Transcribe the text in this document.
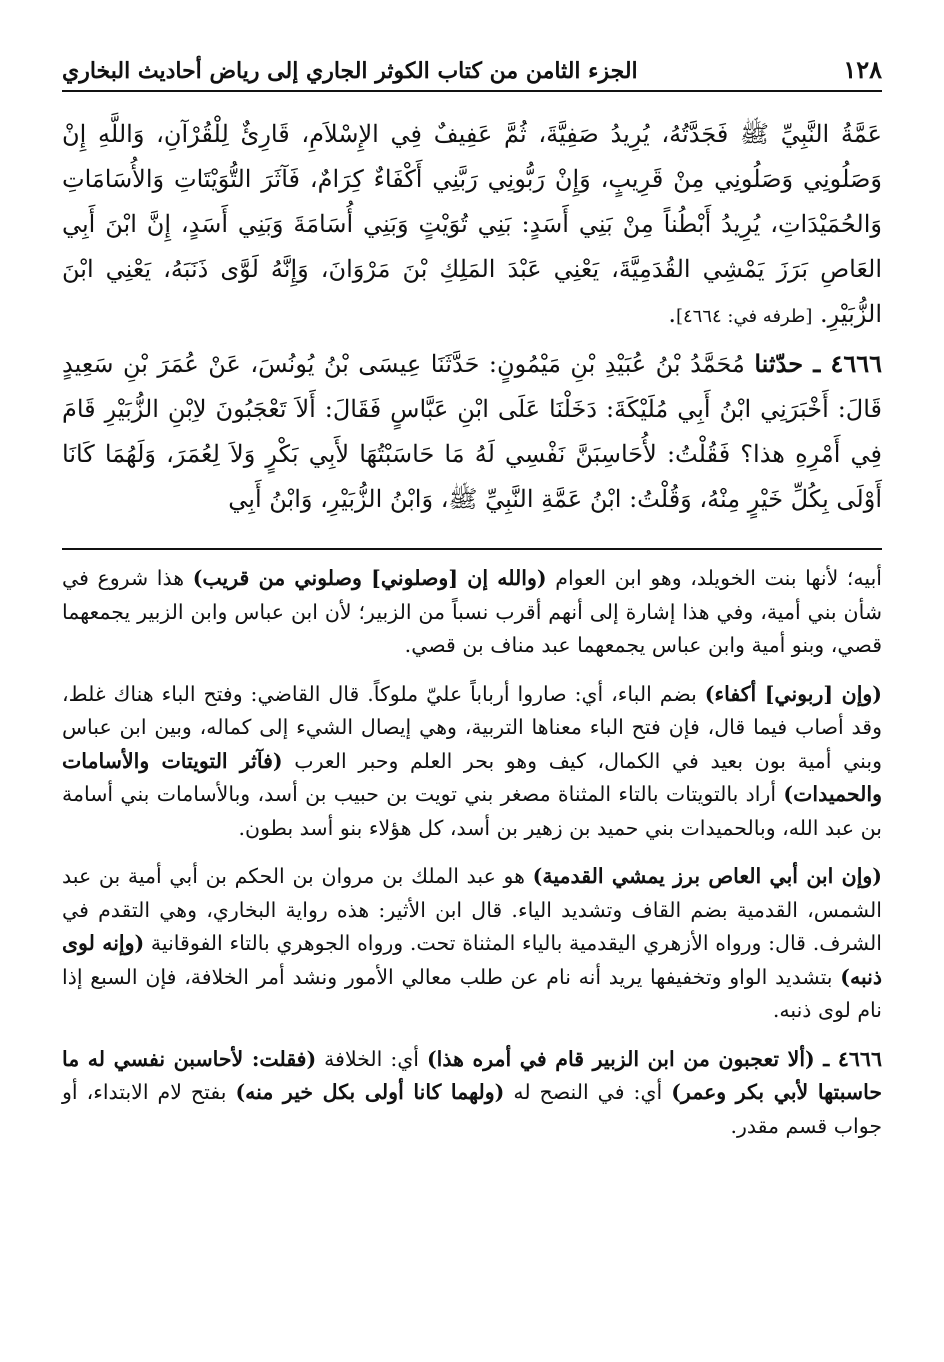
١٢٨
الجزء الثامن من كتاب الكوثر الجاري إلى رياض أحاديث البخاري

عَمَّةُ النَّبِيِّ ﷺ فَجَدَّتُهُ، يُرِيدُ صَفِيَّةَ، ثُمَّ عَفِيفٌ فِي الإِسْلاَمِ، قَارِئٌ لِلْقُرْآنِ، وَاللَّهِ إِنْ وَصَلُونِي وَصَلُونِي مِنْ قَرِيبٍ، وَإِنْ رَبُّونِي رَبَّنِي أَكْفَاءٌ كِرَامٌ، فَآثَرَ التُّوَيْتَاتِ وَالأُسَامَاتِ وَالحُمَيْدَاتِ، يُرِيدُ أَبْطُناً مِنْ بَنِي أَسَدٍ: بَنِي تُوَيْتٍ وَبَنِي أُسَامَةَ وَبَنِي أَسَدٍ، إِنَّ ابْنَ أَبِي العَاصِ بَرَزَ يَمْشِي القُدَمِيَّةَ، يَعْنِي عَبْدَ المَلِكِ بْنَ مَرْوَانَ، وَإِنَّهُ لَوَّى ذَنَبَهُ، يَعْنِي ابْنَ الزُّبَيْرِ. [طرفه في: ٤٦٦٤].

٤٦٦٦ ـ حدّثنا مُحَمَّدُ بْنُ عُبَيْدِ بْنِ مَيْمُونٍ: حَدَّثَنَا عِيسَى بْنُ يُونُسَ، عَنْ عُمَرَ بْنِ سَعِيدٍ قَالَ: أَخْبَرَنِي ابْنُ أَبِي مُلَيْكَةَ: دَخَلْنَا عَلَى ابْنِ عَبَّاسٍ فَقَالَ: أَلاَ تَعْجَبُونَ لاِبْنِ الزُّبَيْرِ قَامَ فِي أَمْرِهِ هذا؟ فَقُلْتُ: لأُحَاسِبَنَّ نَفْسِي لَهُ مَا حَاسَبْتُهَا لأَبِي بَكْرٍ وَلاَ لِعُمَرَ، وَلَهُمَا كَانَا أَوْلَى بِكُلِّ خَيْرٍ مِنْهُ، وَقُلْتُ: ابْنُ عَمَّةِ النَّبِيِّ ﷺ، وَابْنُ الزُّبَيْرِ، وَابْنُ أَبِي

أبيه؛ لأنها بنت الخويلد، وهو ابن العوام (والله إن [وصلوني] وصلوني من قريب) هذا شروع في شأن بني أمية، وفي هذا إشارة إلى أنهم أقرب نسباً من الزبير؛ لأن ابن عباس وابن الزبير يجمعهما قصي، وبنو أمية وابن عباس يجمعهما عبد مناف بن قصي.

(وإن [ربوني] أكفاء) بضم الباء، أي: صاروا أرباباً عليّ ملوكاً. قال القاضي: وفتح الباء هناك غلط، وقد أصاب فيما قال، فإن فتح الباء معناها التربية، وهي إيصال الشيء إلى كماله، وبين ابن عباس وبني أمية بون بعيد في الكمال، كيف وهو بحر العلم وحبر العرب (فآثر التويتات والأسامات والحميدات) أراد بالتويتات بالتاء المثناة مصغر بني تويت بن حبيب بن أسد، وبالأسامات بني أسامة بن عبد الله، وبالحميدات بني حميد بن زهير بن أسد، كل هؤلاء بنو أسد بطون.

(وإن ابن أبي العاص برز يمشي القدمية) هو عبد الملك بن مروان بن الحكم بن أبي أمية بن عبد الشمس، القدمية بضم القاف وتشديد الياء. قال ابن الأثير: هذه رواية البخاري، وهي التقدم في الشرف. قال: ورواه الأزهري اليقدمية بالياء المثناة تحت. ورواه الجوهري بالتاء الفوقانية (وإنه لوى ذنبه) بتشديد الواو وتخفيفها يريد أنه نام عن طلب معالي الأمور ونشد أمر الخلافة، فإن السبع إذا نام لوى ذنبه.

٤٦٦٦ ـ (ألا تعجبون من ابن الزبير قام في أمره هذا) أي: الخلافة (فقلت: لأحاسبن نفسي له ما حاسبتها لأبي بكر وعمر) أي: في النصح له (ولهما كانا أولى بكل خير منه) بفتح لام الابتداء، أو جواب قسم مقدر.
